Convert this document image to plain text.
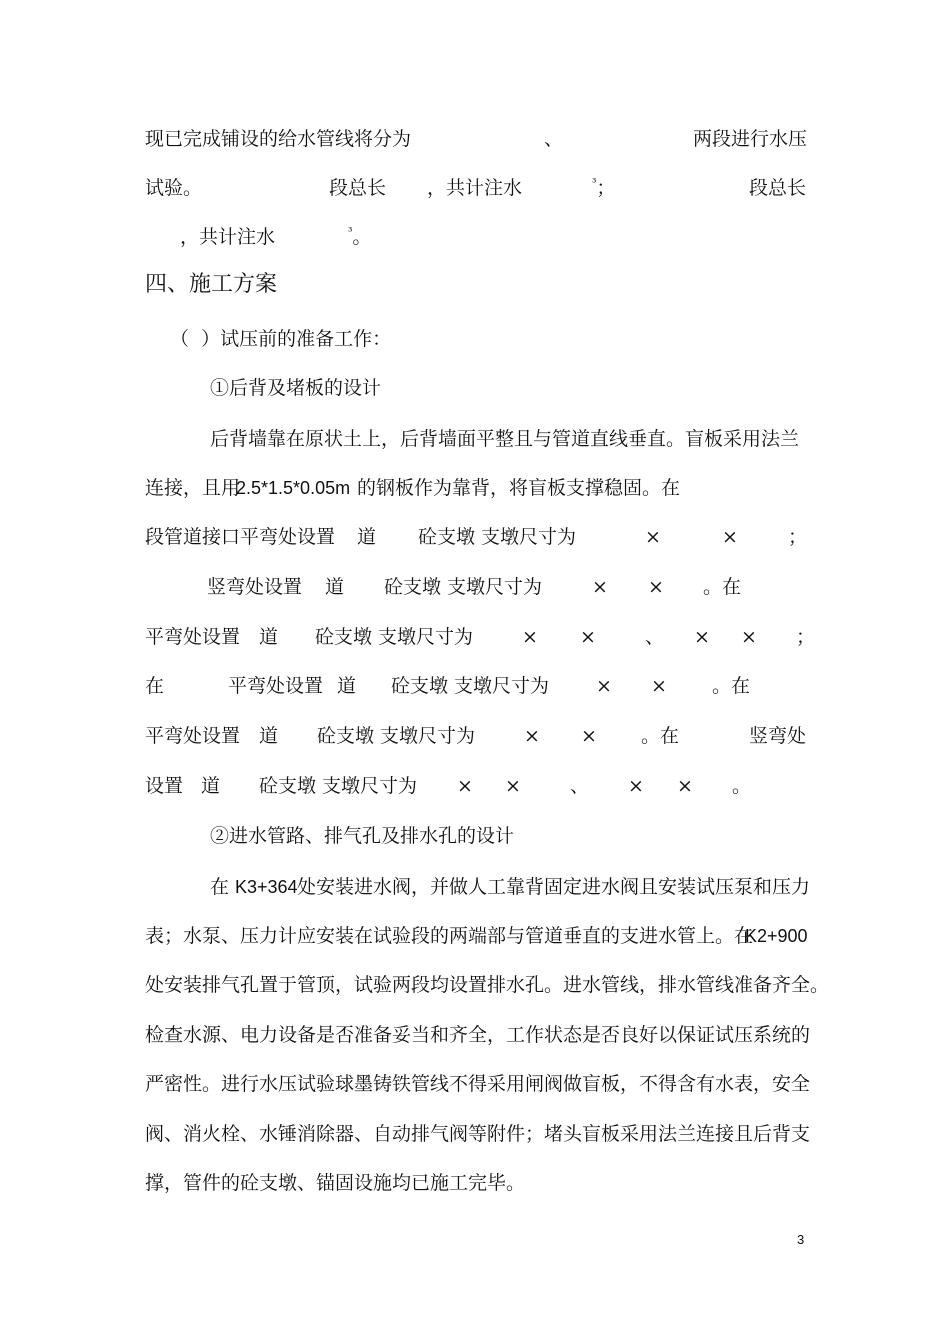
现已完成铺设的给水管线将分为

	、

	两段进行水压

试验。

	段总长

，共计注水

	$^{^3}$；

	段总长

，共计注水

	$^{^3}$。

四、施工方案
（  ）试压前的准备工作：
①后背及堵板的设计
后背墙靠在原状土上，后背墙面平整且与管道直线垂直。盲板采用法兰

连接，且用

2.5*1.5*0.05m

的钢板作为靠背，将盲板支撑稳固。在

段管道接口平弯处设置

道

砼支墩 支墩尺寸为

	×

	×

	；

竖弯处设置

道

砼支墩 支墩尺寸为

	×

×

。在

平弯处设置

道

砼支墩 支墩尺寸为

	×

×

	、

×

×

；

在

	平弯处设置

道

砼支墩 支墩尺寸为

×

×

。在

平弯处设置

道

砼支墩 支墩尺寸为

	×

×

。在

	竖弯处

设置

道

砼支墩 支墩尺寸为

×

×

	、

×

×

。

②进水管路、排气孔及排水孔的设计

在

K3+364

处安装进水阀，并做人工靠背固定进水阀且安装试压泵和压力

表；水泵、压力计应安装在试验段的两端部与管道垂直的支进水管上。在

K2+900

处安装排气孔置于管顶，试验两段均设置排水孔。进水管线，排水管线准备齐全。
检查水源、电力设备是否准备妥当和齐全，工作状态是否良好以保证试压系统的
严密性。进行水压试验球墨铸铁管线不得采用闸阀做盲板，不得含有水表，安全
阀、消火栓、水锤消除器、自动排气阀等附件；堵头盲板采用法兰连接且后背支
撑，管件的砼支墩、锚固设施均已施工完毕。
3
